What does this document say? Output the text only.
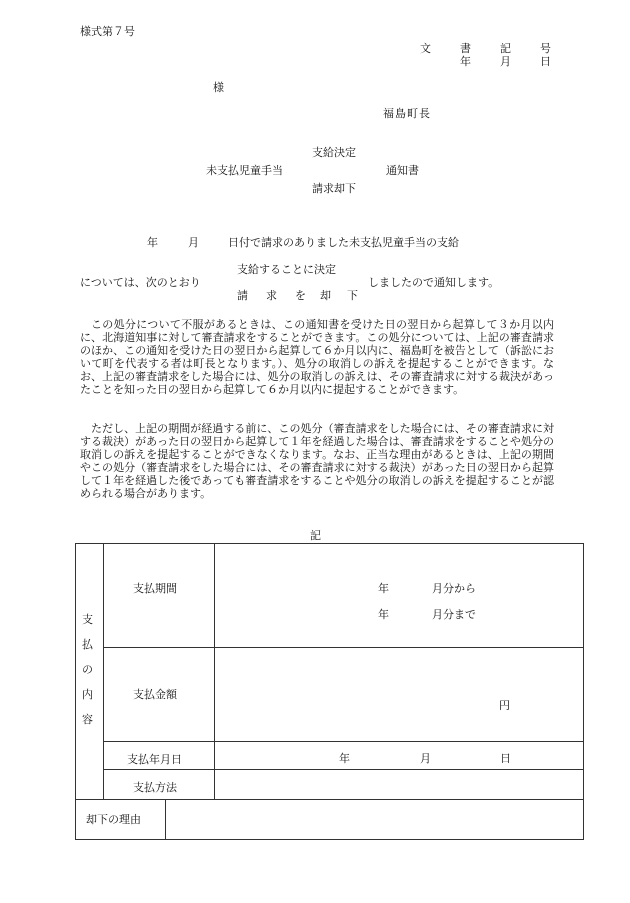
様式第７号
文	書	記	号
年	月	日
様
福島町長
支給決定
未支払児童手当	通知書
請求却下
年	月	日付で請求のありました未支払児童手当の支給
支給することに決定
については、次のとおり	しましたので通知します。
請 求 を 却 下
この処分について不服があるときは、この通知書を受けた日の翌日から起算して３か月以内に、北海道知事に対して審査請求をすることができます。この処分については、上記の審査請求のほか、この通知を受けた日の翌日から起算して６か月以内に、福島町を被告として（訴訟において町を代表する者は町長となります。）、処分の取消しの訴えを提起することができます。なお、上記の審査請求をした場合には、処分の取消しの訴えは、その審査請求に対する裁決があったことを知った日の翌日から起算して６か月以内に提起することができます。
ただし、上記の期間が経過する前に、この処分（審査請求をした場合には、その審査請求に対する裁決）があった日の翌日から起算して１年を経過した場合は、審査請求をすることや処分の取消しの訴えを提起することができなくなります。なお、正当な理由があるときは、上記の期間やこの処分（審査請求をした場合には、その審査請求に対する裁決）があった日の翌日から起算して１年を経過した後であっても審査請求をすることや処分の取消しの訴えを提起することが認められる場合があります。
記
支
払
の
内
容
支払期間	年	月分から
年	月分まで
支払金額
円
支払年月日	年	月	日
支払方法
却下の理由
